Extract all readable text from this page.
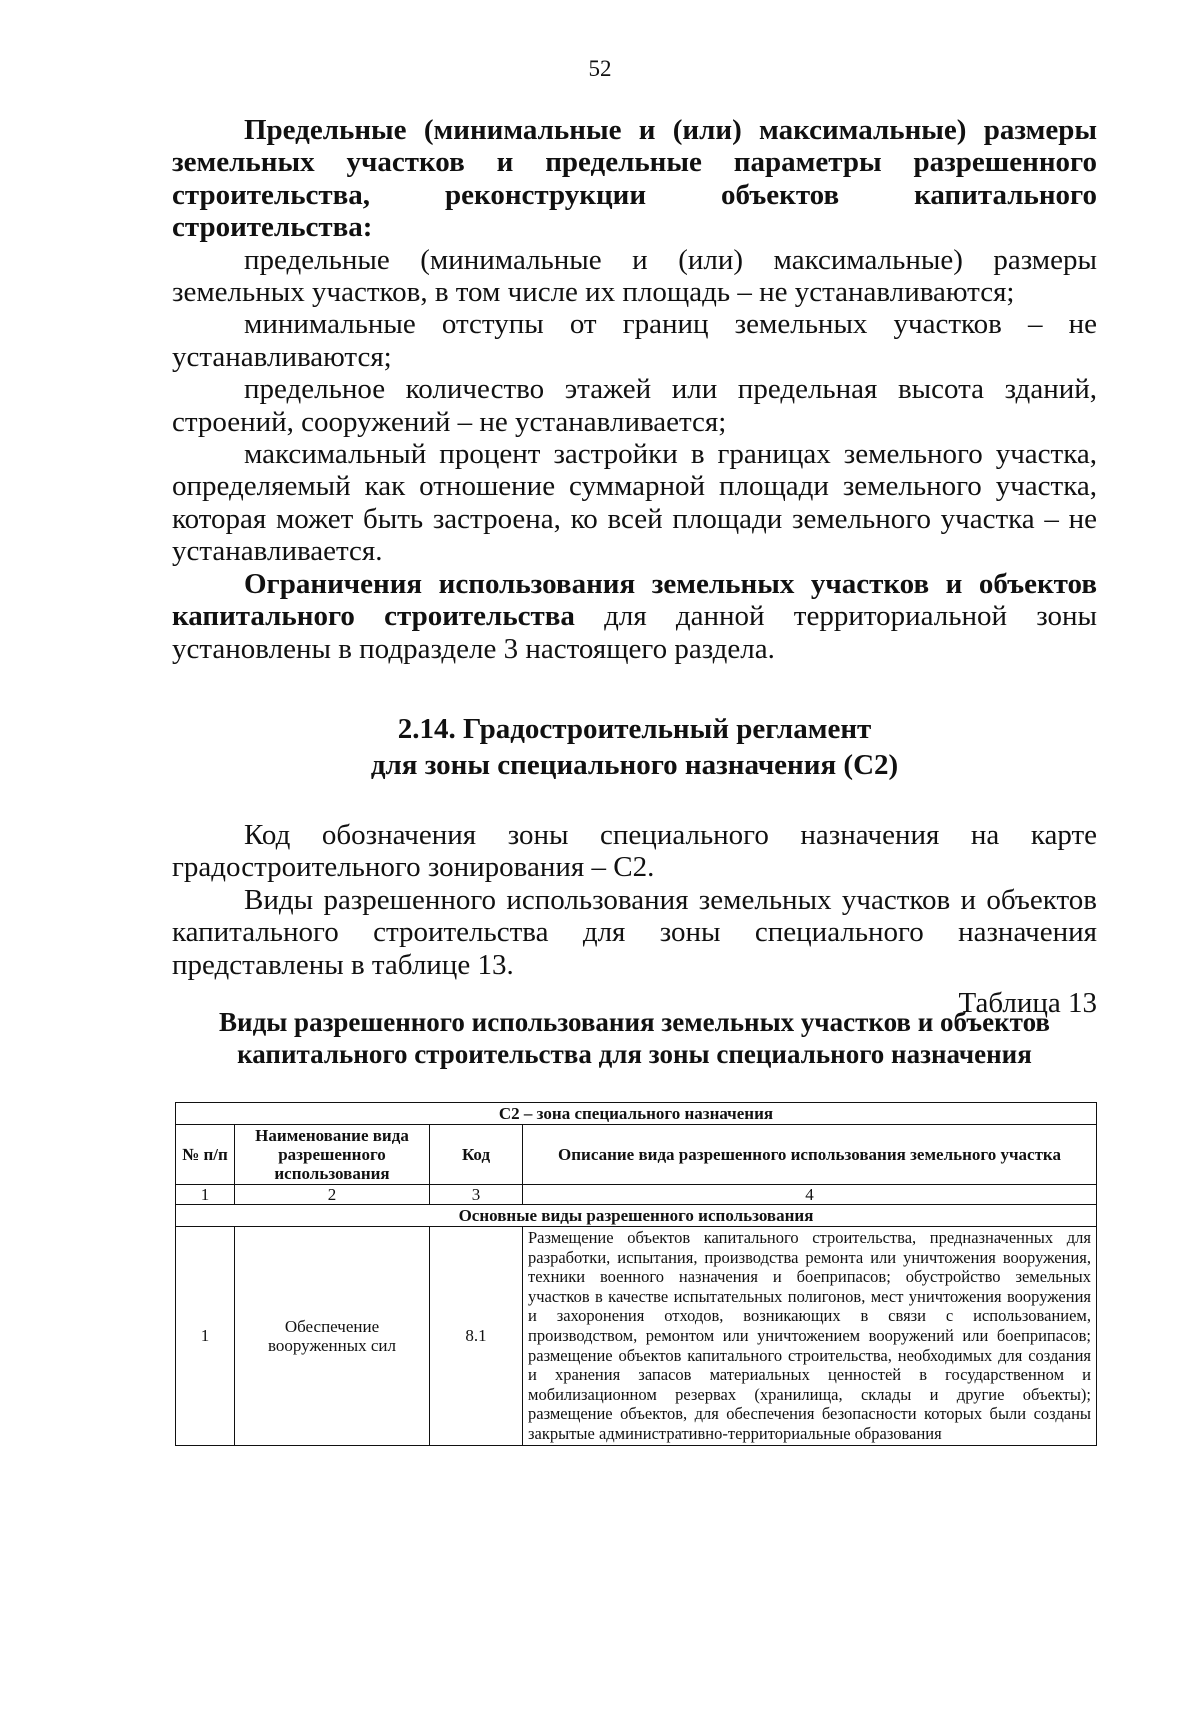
52

Предельные (минимальные и (или) максимальные) размеры земельных участков и предельные параметры разрешенного строительства, реконструкции объектов капитального строительства:

предельные (минимальные и (или) максимальные) размеры земельных участков, в том числе их площадь – не устанавливаются;

минимальные отступы от границ земельных участков – не устанавливаются;

предельное количество этажей или предельная высота зданий, строений, сооружений – не устанавливается;

максимальный процент застройки в границах земельного участка, определяемый как отношение суммарной площади земельного участка, которая может быть застроена, ко всей площади земельного участка – не устанавливается.

Ограничения использования земельных участков и объектов капитального строительства для данной территориальной зоны установлены в подразделе 3 настоящего раздела.

2.14. Градостроительный регламент
для зоны специального назначения (С2)

Код обозначения зоны специального назначения на карте градостроительного зонирования – С2.

Виды разрешенного использования земельных участков и объектов капитального строительства для зоны специального назначения представлены в таблице 13.

Таблица 13

Виды разрешенного использования земельных участков и объектов
капитального строительства для зоны специального назначения
С2 – зона специального назначения			
№ п/п	Наименование вида разрешенного использования	Код	Описание вида разрешенного использования земельного участка
1	2	3	4
Основные виды разрешенного использования			
1	Обеспечение вооруженных сил	8.1	Размещение объектов капитального строительства, предназначенных для разработки, испытания, производства ремонта или уничтожения вооружения, техники военного назначения и боеприпасов; обустройство земельных участков в качестве испытательных полигонов, мест уничтожения вооружения и захоронения отходов, возникающих в связи с использованием, производством, ремонтом или уничтожением вооружений или боеприпасов; размещение объектов капитального строительства, необходимых для создания и хранения запасов материальных ценностей в государственном и мобилизационном резервах (хранилища, склады и другие объекты); размещение объектов, для обеспечения безопасности которых были созданы закрытые административно-территориальные образования
